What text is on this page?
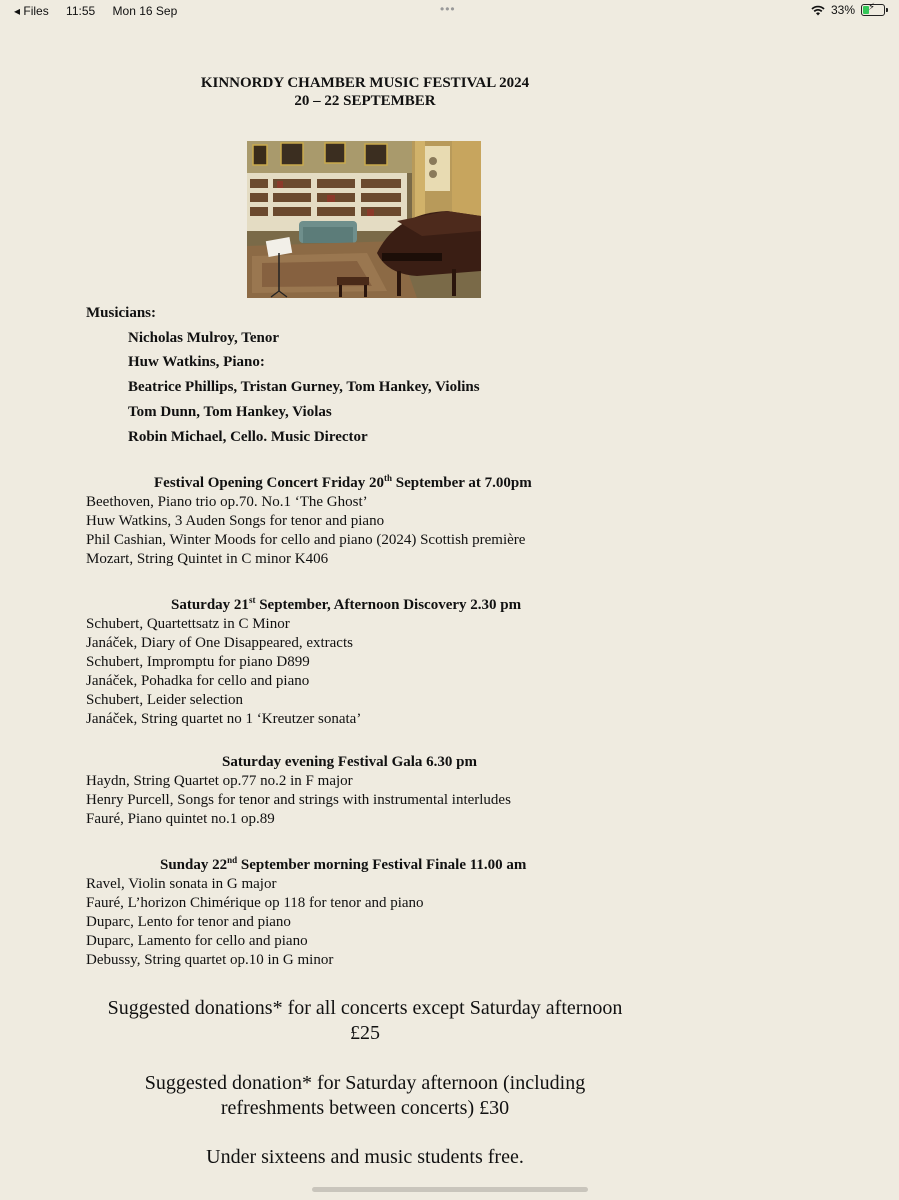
◂ Files 11:55 Mon 16 Sep	•••	33% ⚡
KINNORDY CHAMBER MUSIC FESTIVAL 2024
20 – 22 SEPTEMBER
Musicians:
Nicholas Mulroy, Tenor
Huw Watkins, Piano:
Beatrice Phillips, Tristan Gurney, Tom Hankey, Violins
Tom Dunn, Tom Hankey, Violas
Robin Michael, Cello. Music Director
Festival Opening Concert Friday 20th September at 7.00pm
Beethoven, Piano trio op.70. No.1 ‘The Ghost’
Huw Watkins, 3 Auden Songs for tenor and piano
Phil Cashian, Winter Moods for cello and piano (2024) Scottish première
Mozart, String Quintet in C minor K406
Saturday 21st September, Afternoon Discovery 2.30 pm
Schubert, Quartettsatz in C Minor
Janáček, Diary of One Disappeared, extracts
Schubert, Impromptu for piano D899
Janáček, Pohadka for cello and piano
Schubert, Leider selection
Janáček, String quartet no 1 ‘Kreutzer sonata’
Saturday evening Festival Gala 6.30 pm
Haydn, String Quartet op.77 no.2 in F major
Henry Purcell, Songs for tenor and strings with instrumental interludes
Fauré, Piano quintet no.1 op.89
Sunday 22nd September morning Festival Finale 11.00 am
Ravel, Violin sonata in G major
Fauré, L’horizon Chimérique op 118 for tenor and piano
Duparc, Lento for tenor and piano
Duparc, Lamento for cello and piano
Debussy, String quartet op.10 in G minor
Suggested donations* for all concerts except Saturday afternoon
£25
Suggested donation* for Saturday afternoon (including
refreshments between concerts) £30
Under sixteens and music students free.
